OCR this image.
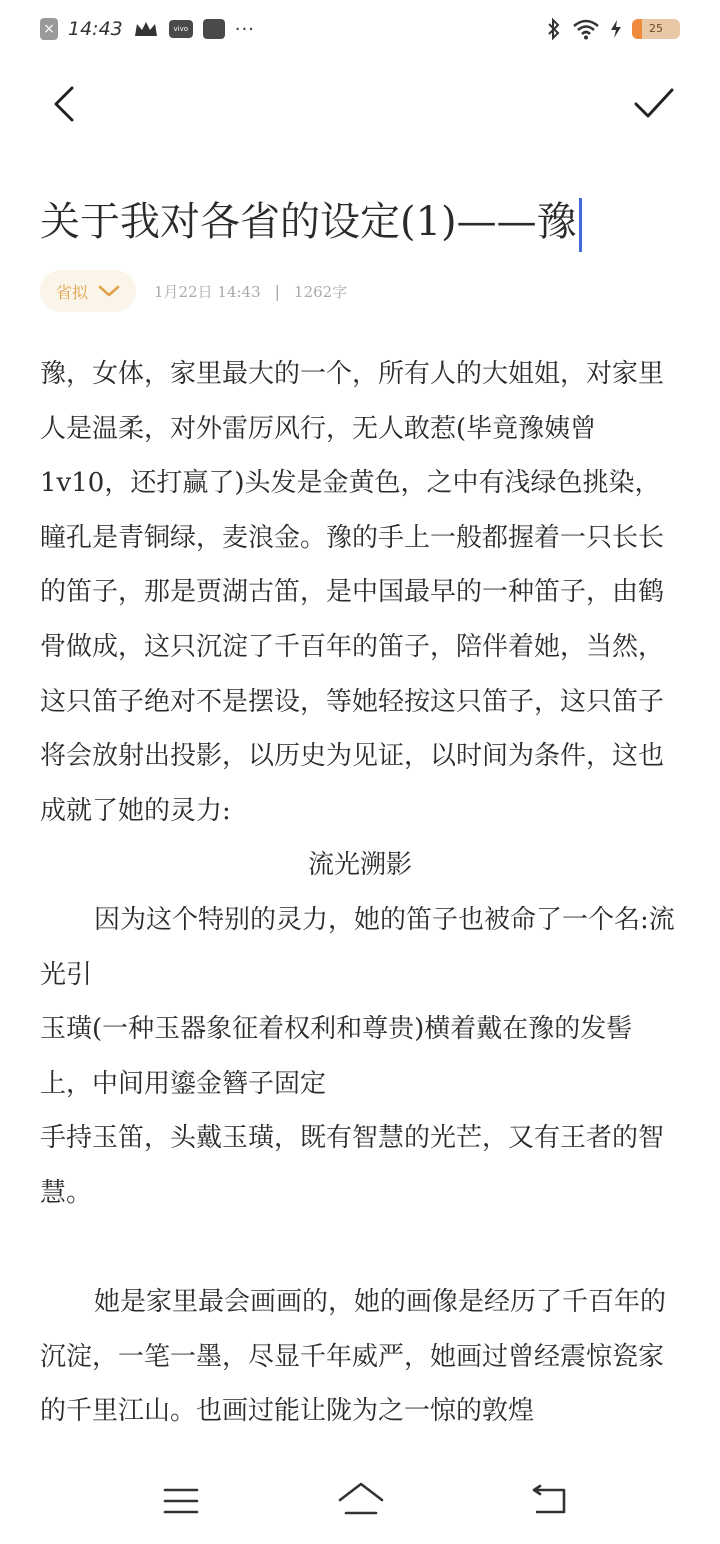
× 14:43	vivo	···	25
关于我对各省的设定(1)——豫
省拟	1月22日 14:43 | 1262字

豫，女体，家里最大的一个，所有人的大姐姐，对家里人是温柔，对外雷厉风行，无人敢惹(毕竟豫姨曾1v10，还打赢了)头发是金黄色，之中有浅绿色挑染，瞳孔是青铜绿，麦浪金。豫的手上一般都握着一只长长的笛子，那是贾湖古笛，是中国最早的一种笛子，由鹤骨做成，这只沉淀了千百年的笛子，陪伴着她，当然，这只笛子绝对不是摆设，等她轻按这只笛子，这只笛子将会放射出投影，以历史为见证，以时间为条件，这也成就了她的灵力:

流光溯影

因为这个特别的灵力，她的笛子也被命了一个名:流光引

玉璜(一种玉器象征着权利和尊贵)横着戴在豫的发髻上，中间用鎏金簪子固定

手持玉笛，头戴玉璜，既有智慧的光芒，又有王者的智慧。

她是家里最会画画的，她的画像是经历了千百年的沉淀，一笔一墨，尽显千年威严，她画过曾经震惊瓷家的千里江山。也画过能让陇为之一惊的敦煌
